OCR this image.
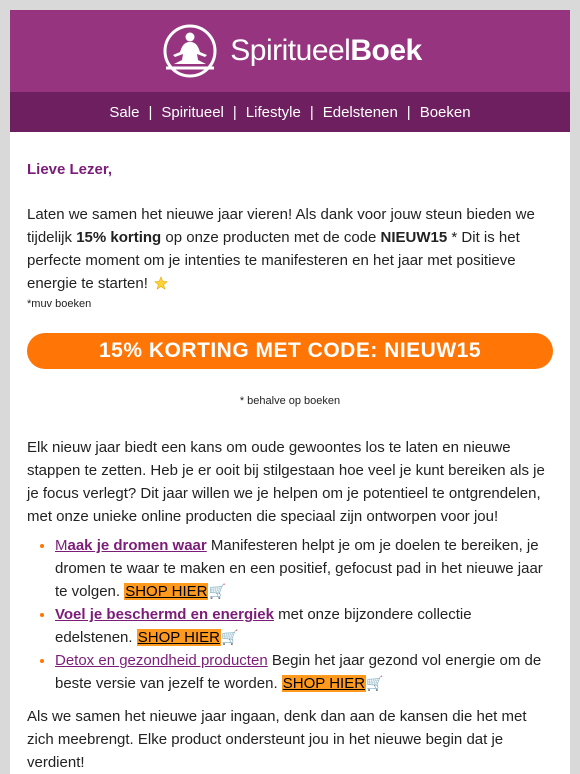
SpiritueelBoek
Sale | Spiritueel | Lifestyle | Edelstenen | Boeken

Lieve Lezer,

Laten we samen het nieuwe jaar vieren! Als dank voor jouw steun bieden we tijdelijk 15% korting op onze producten met de code NIEUW15 * Dit is het perfecte moment om je intenties te manifesteren en het jaar met positieve energie te starten!

*muv boeken

15% KORTING MET CODE: NIEUW15

* behalve op boeken

Elk nieuw jaar biedt een kans om oude gewoontes los te laten en nieuwe stappen te zetten. Heb je er ooit bij stilgestaan hoe veel je kunt bereiken als je je focus verlegt? Dit jaar willen we je helpen om je potentieel te ontgrendelen, met onze unieke online producten die speciaal zijn ontworpen voor jou!

• Maak je dromen waar Manifesteren helpt je om je doelen te bereiken, je dromen te waar te maken en een positief, gefocust pad in het nieuwe jaar te volgen. SHOP HIER🛒
• Voel je beschermd en energiek met onze bijzondere collectie edelstenen. SHOP HIER🛒
• Detox en gezondheid producten Begin het jaar gezond vol energie om de beste versie van jezelf te worden. SHOP HIER🛒

Als we samen het nieuwe jaar ingaan, denk dan aan de kansen die het met zich meebrengt. Elke product ondersteunt jou in het nieuwe begin dat je verdient!
